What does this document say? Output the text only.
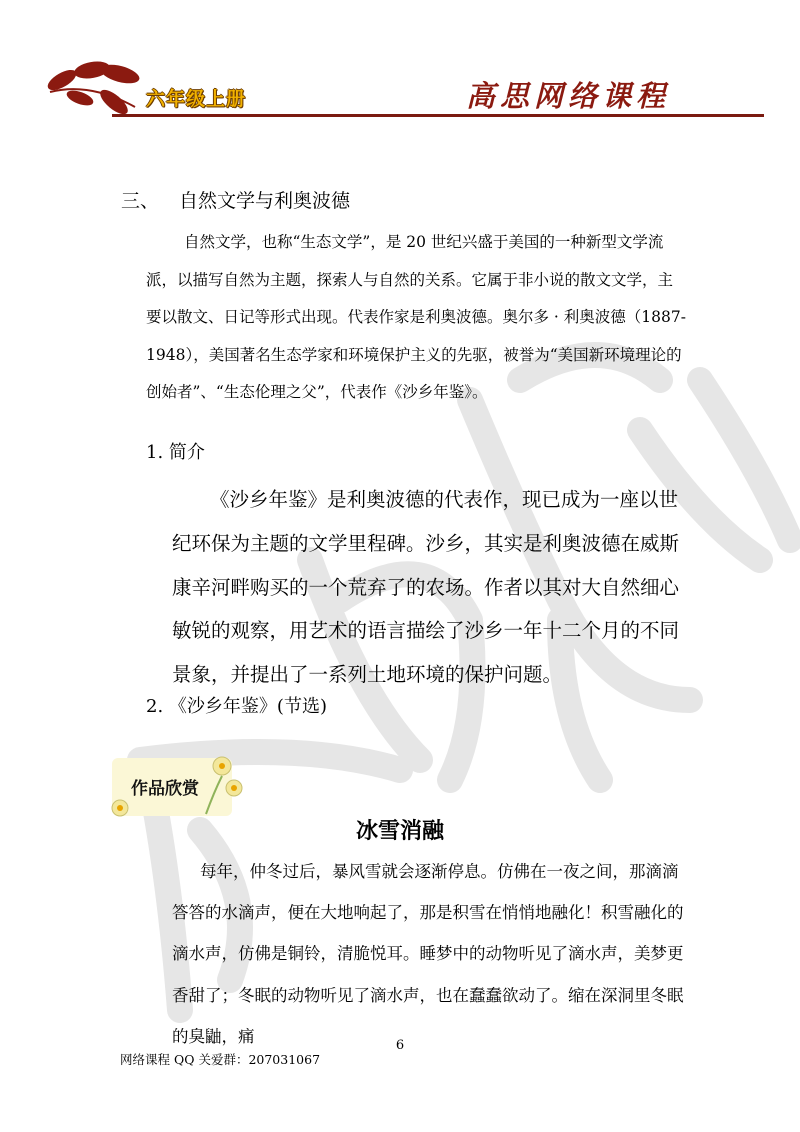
六年级上册	高思网络课程
三、 自然文学与利奥波德
自然文学，也称“生态文学”，是 20 世纪兴盛于美国的一种新型文学流派，以描写自然为主题，探索人与自然的关系。它属于非小说的散文文学，主要以散文、日记等形式出现。代表作家是利奥波德。奥尔多 · 利奥波德（1887-1948），美国著名生态学家和环境保护主义的先驱，被誉为“美国新环境理论的创始者”、“生态伦理之父”，代表作《沙乡年鉴》。
1. 简介
《沙乡年鉴》是利奥波德的代表作，现已成为一座以世纪环保为主题的文学里程碑。沙乡，其实是利奥波德在威斯康辛河畔购买的一个荒弃了的农场。作者以其对大自然细心敏锐的观察，用艺术的语言描绘了沙乡一年十二个月的不同景象，并提出了一系列土地环境的保护问题。
2. 《沙乡年鉴》(节选)
作品欣赏
冰雪消融
每年，仲冬过后，暴风雪就会逐渐停息。仿佛在一夜之间，那滴滴答答的水滴声，便在大地响起了，那是积雪在悄悄地融化！积雪融化的滴水声，仿佛是铜铃，清脆悦耳。睡梦中的动物听见了滴水声，美梦更香甜了；冬眠的动物听见了滴水声，也在蠢蠢欲动了。缩在深洞里冬眠的臭鼬，痛	6
网络课程 QQ 关爱群：207031067
